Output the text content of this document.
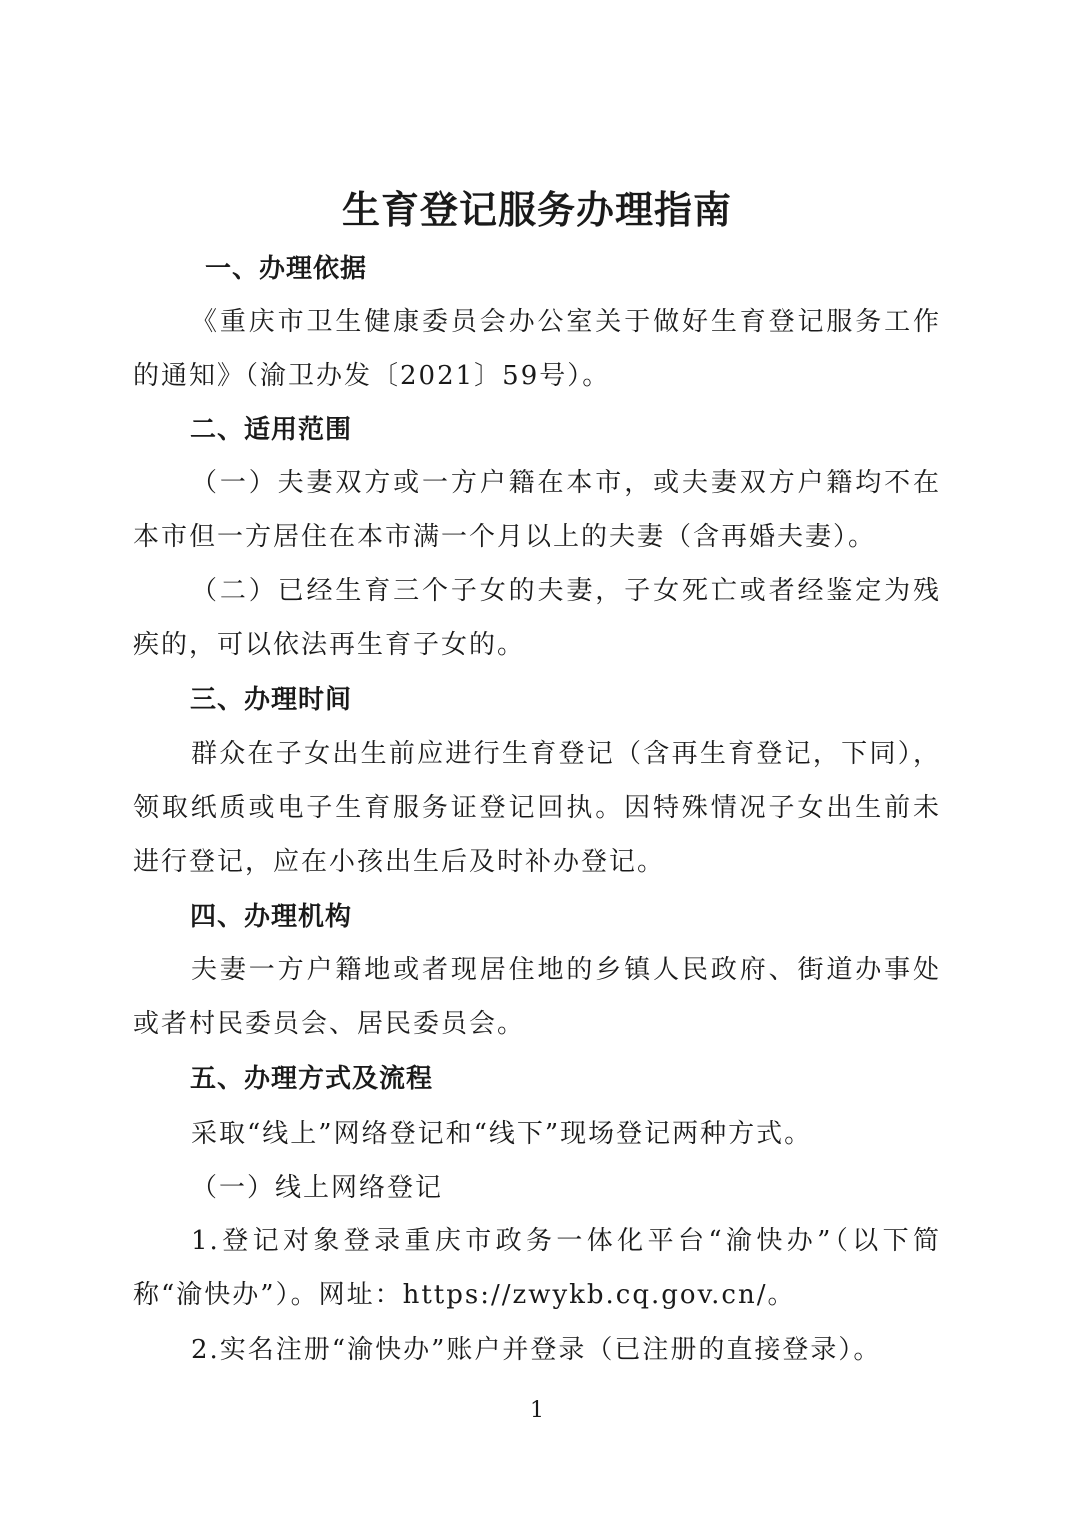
生育登记服务办理指南
一、办理依据

《重庆市卫生健康委员会办公室关于做好生育登记服务工作的通知》（渝卫办发〔2021〕59号）。

二、适用范围

（一）夫妻双方或一方户籍在本市，或夫妻双方户籍均不在本市但一方居住在本市满一个月以上的夫妻（含再婚夫妻）。

（二）已经生育三个子女的夫妻，子女死亡或者经鉴定为残疾的，可以依法再生育子女的。

三、办理时间

群众在子女出生前应进行生育登记（含再生育登记，下同），领取纸质或电子生育服务证登记回执。因特殊情况子女出生前未进行登记，应在小孩出生后及时补办登记。

四、办理机构

夫妻一方户籍地或者现居住地的乡镇人民政府、街道办事处或者村民委员会、居民委员会。

五、办理方式及流程
采取“线上”网络登记和“线下”现场登记两种方式。
（一）线上网络登记

1.登记对象登录重庆市政务一体化平台“渝快办”（以下简称“渝快办”）。网址：https://zwykb.cq.gov.cn/。

2.实名注册“渝快办”账户并登录（已注册的直接登录）。
1
